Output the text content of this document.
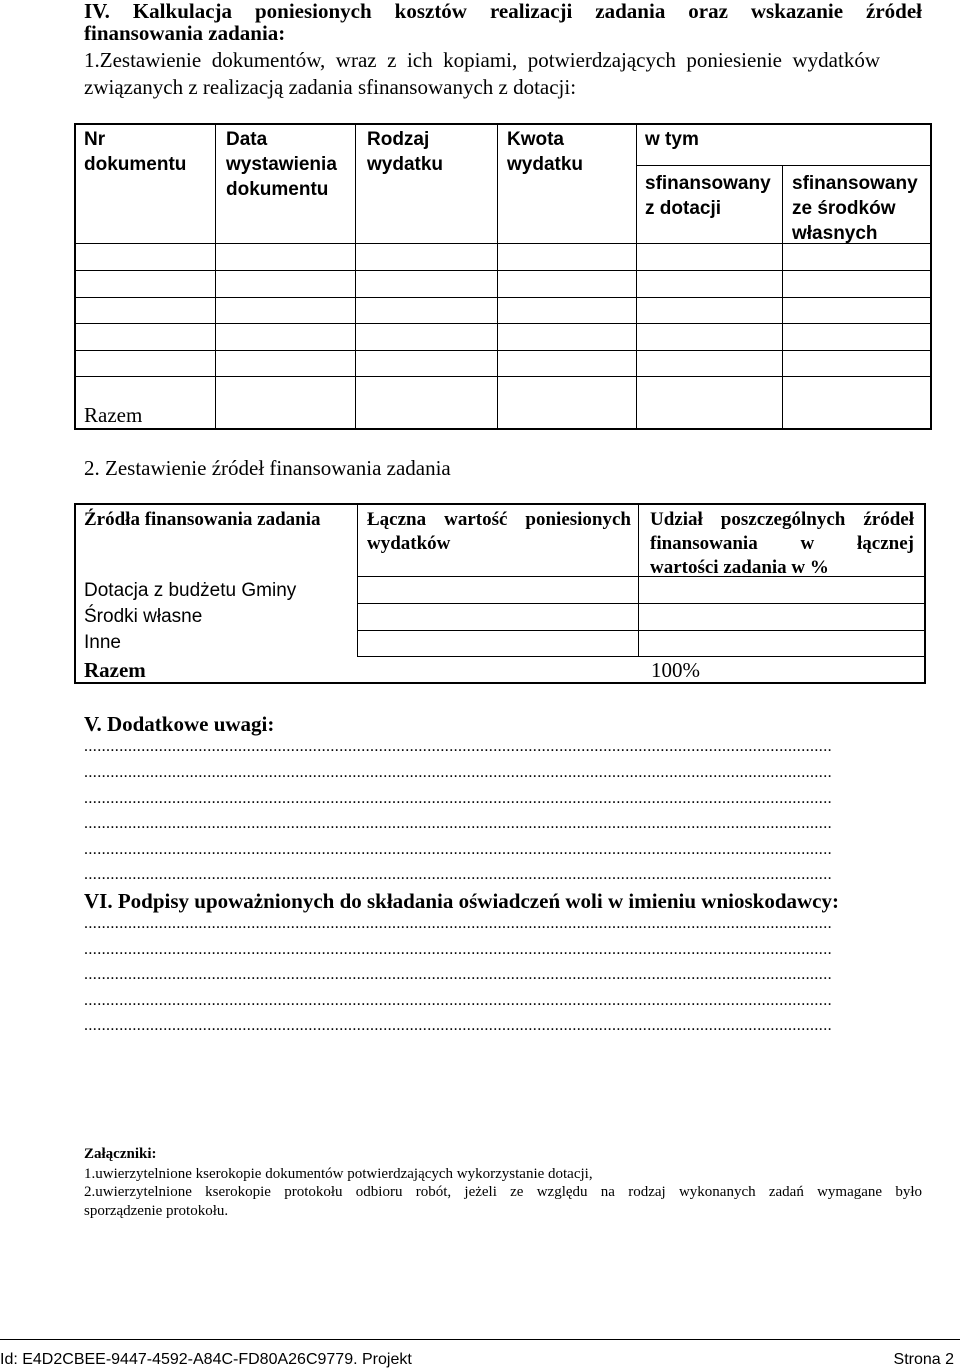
IV. Kalkulacja poniesionych kosztów realizacji zadania oraz wskazanie źródeł
finansowania zadania:
1.Zestawienie dokumentów, wraz z ich kopiami, potwierdzających poniesienie wydatków
związanych z realizacją zadania sfinansowanych z dotacji:
Nr
dokumentu
Data
wystawienia
dokumentu
Rodzaj
wydatku
Kwota
wydatku
w tym
sfinansowany
z dotacji
sfinansowany
ze środków
własnych
Razem
2. Zestawienie źródeł finansowania zadania
Źródła finansowania zadania Łączna wartość poniesionych
wydatków
Udział poszczególnych źródeł
finansowania w łącznej
wartości zadania w %
Dotacja z budżetu Gminy
Środki własne
Inne
Razem	100%
V. Dodatkowe uwagi:
..........................................................................................................................................................................
..........................................................................................................................................................................
..........................................................................................................................................................................
..........................................................................................................................................................................
..........................................................................................................................................................................
..........................................................................................................................................................................
VI. Podpisy upoważnionych do składania oświadczeń woli w imieniu wnioskodawcy:
..........................................................................................................................................................................
..........................................................................................................................................................................
..........................................................................................................................................................................
..........................................................................................................................................................................
..........................................................................................................................................................................
Załączniki:
1.uwierzytelnione kserokopie dokumentów potwierdzających wykorzystanie dotacji,
2.uwierzytelnione kserokopie protokołu odbioru robót, jeżeli ze względu na rodzaj wykonanych zadań wymagane było
sporządzenie protokołu.
Id: E4D2CBEE-9447-4592-A84C-FD80A26C9779. Projekt	Strona 2
